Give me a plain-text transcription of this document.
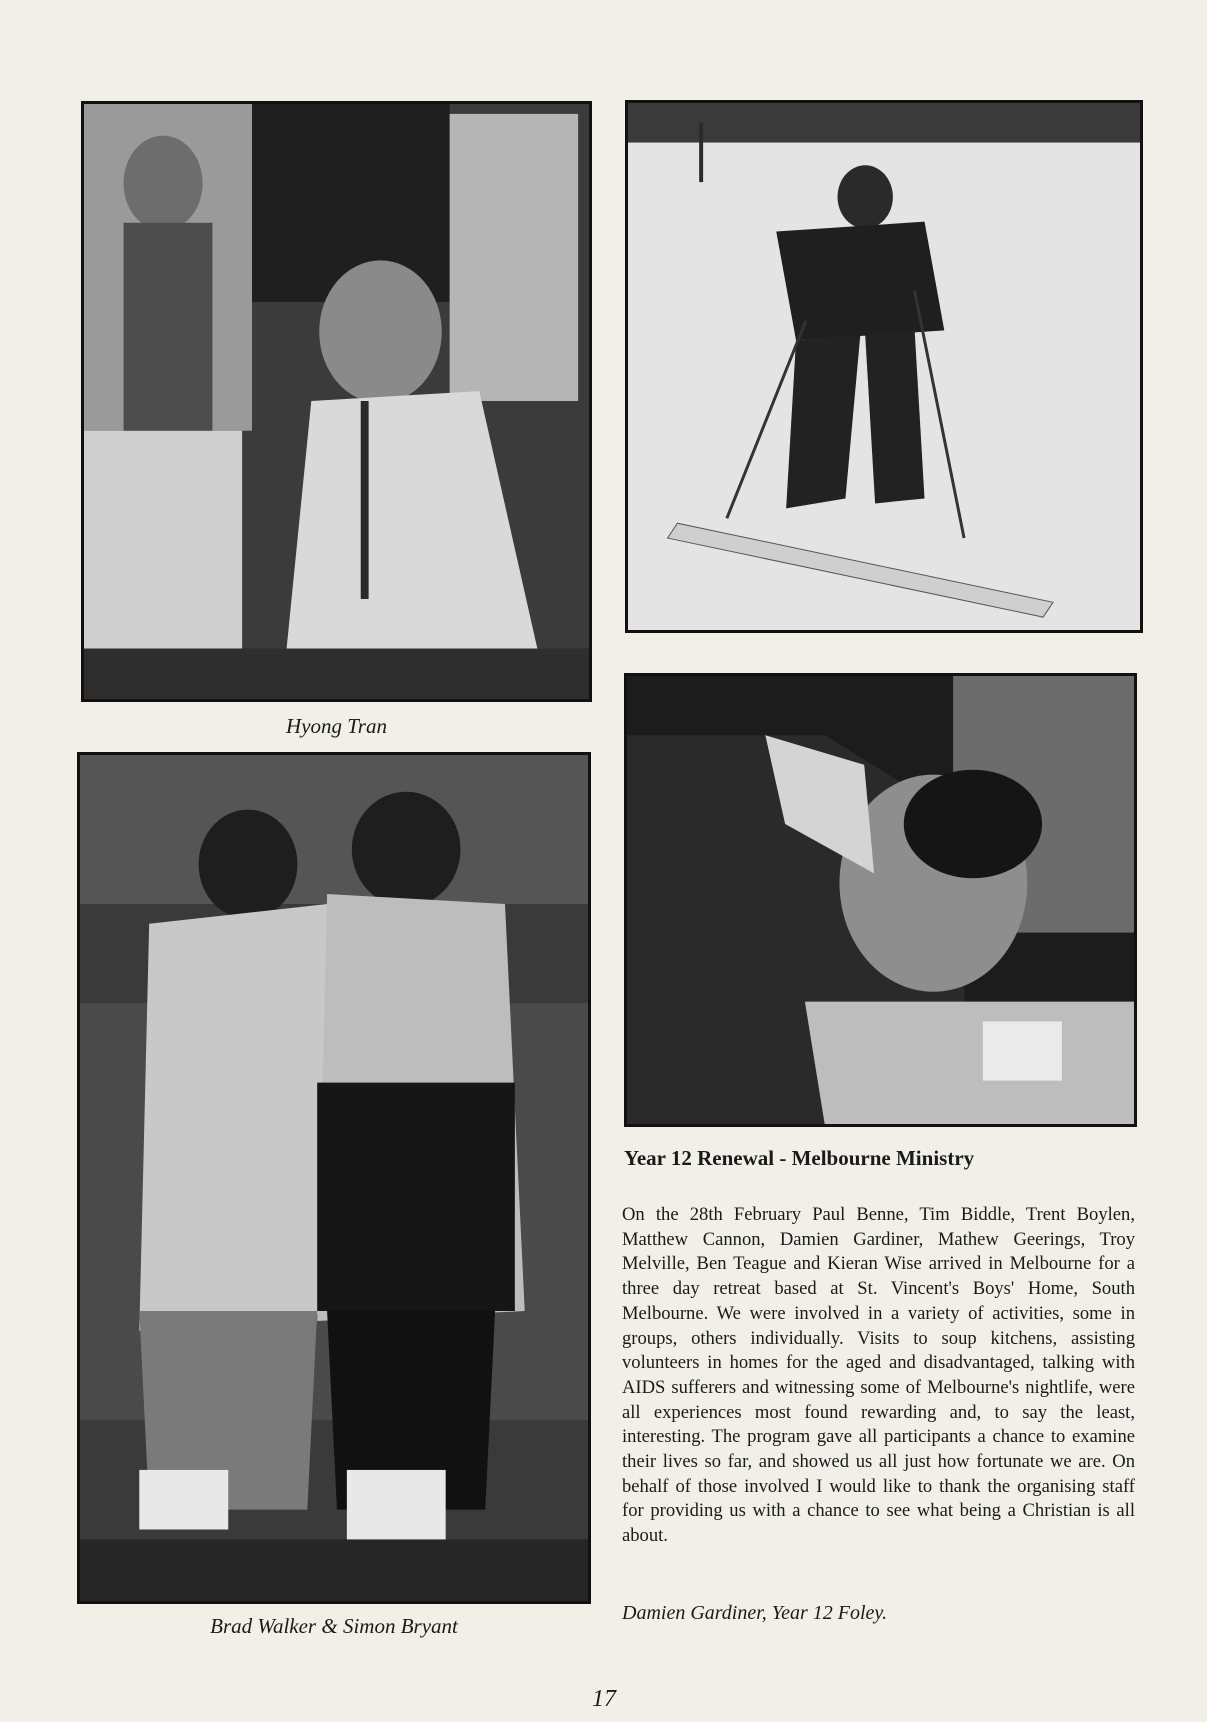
Hyong Tran
Brad Walker & Simon Bryant
Year 12 Renewal - Melbourne Ministry

On the 28th February Paul Benne, Tim Biddle, Trent Boylen, Matthew Cannon, Damien Gardiner, Mathew Geerings, Troy Melville, Ben Teague and Kieran Wise arrived in Melbourne for a three day retreat based at St. Vincent's Boys' Home, South Melbourne. We were involved in a variety of activities, some in groups, others individually. Visits to soup kitchens, assisting volunteers in homes for the aged and disadvantaged, talking with AIDS sufferers and witnessing some of Melbourne's nightlife, were all experiences most found rewarding and, to say the least, interesting. The program gave all participants a chance to examine their lives so far, and showed us all just how fortunate we are. On behalf of those involved I would like to thank the organising staff for providing us with a chance to see what being a Christian is all about.

Damien Gardiner, Year 12 Foley.
17
